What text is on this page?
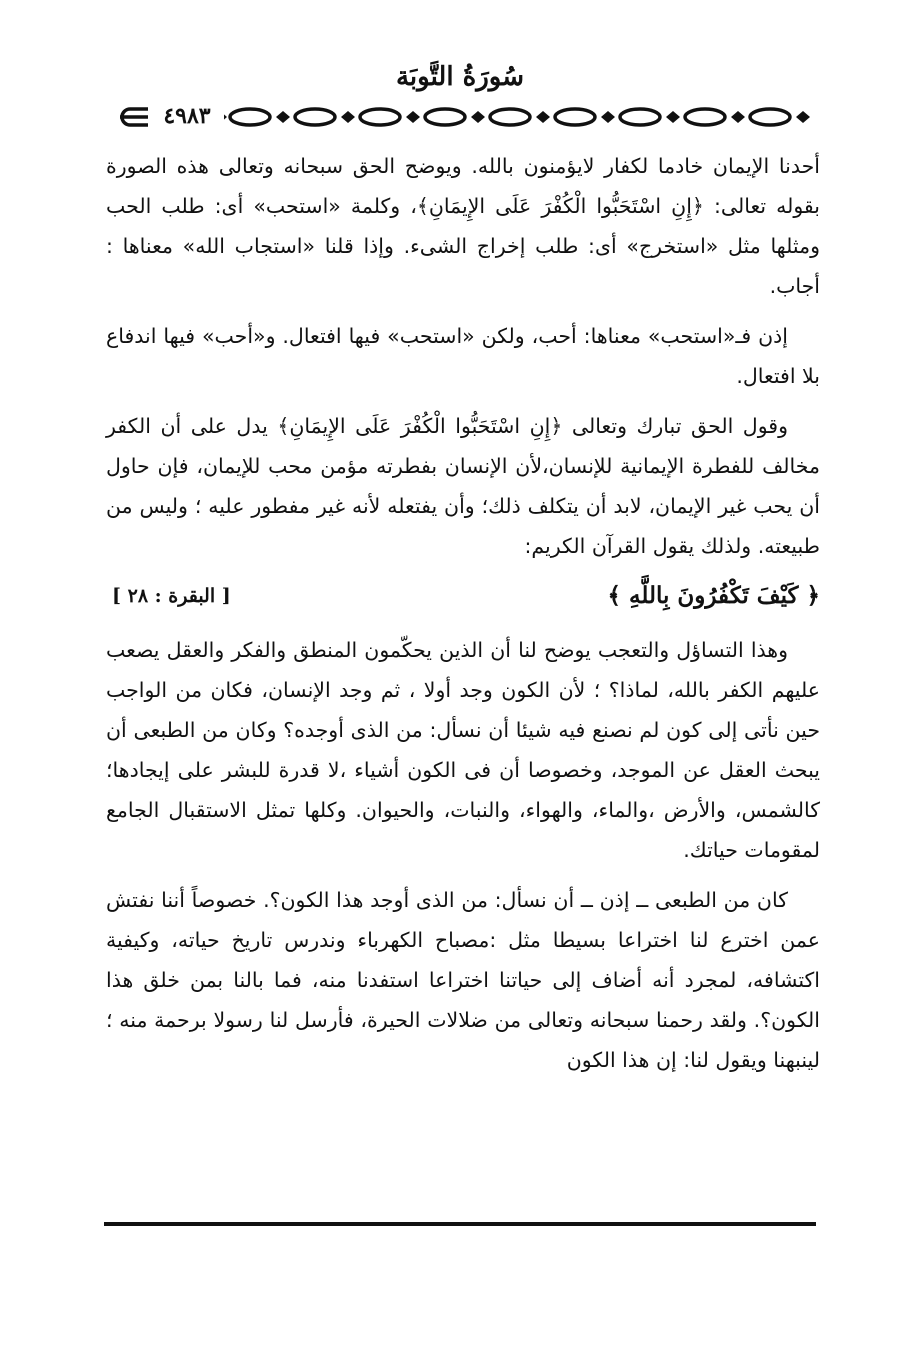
سُورَةُ التَّوبَة
٤٩٨٣

أحدنا الإيمان خادما لكفار لايؤمنون بالله. ويوضح الحق سبحانه وتعالى هذه الصورة بقوله تعالى: ﴿إِنِ اسْتَحَبُّوا الْكُفْرَ عَلَى الإِيمَانِ﴾، وكلمة «استحب» أى: طلب الحب ومثلها مثل «استخرج» أى: طلب إخراج الشىء. وإذا قلنا «استجاب الله» معناها : أجاب.

إذن فـ«استحب» معناها: أحب، ولكن «استحب» فيها افتعال. و«أحب» فيها اندفاع بلا افتعال.

وقول الحق تبارك وتعالى ﴿إِنِ اسْتَحَبُّوا الْكُفْرَ عَلَى الإِيمَانِ﴾ يدل على أن الكفر مخالف للفطرة الإيمانية للإنسان،لأن الإنسان بفطرته مؤمن محب للإيمان، فإن حاول أن يحب غير الإيمان، لابد أن يتكلف ذلك؛ وأن يفتعله لأنه غير مفطور عليه ؛ وليس من طبيعته. ولذلك يقول القرآن الكريم:

﴿ كَيْفَ تَكْفُرُونَ بِاللَّهِ ﴾
[ البقرة : ٢٨ ]

وهذا التساؤل والتعجب يوضح لنا أن الذين يحكّمون المنطق والفكر والعقل يصعب عليهم الكفر بالله، لماذا؟ ؛ لأن الكون وجد أولا ، ثم وجد الإنسان، فكان من الواجب حين نأتى إلى كون لم نصنع فيه شيئا أن نسأل: من الذى أوجده؟ وكان من الطبعى أن يبحث العقل عن الموجد، وخصوصا أن فى الكون أشياء ،لا قدرة للبشر على إيجادها؛ كالشمس، والأرض ،والماء، والهواء، والنبات، والحيوان. وكلها تمثل الاستقبال الجامع لمقومات حياتك.

كان من الطبعى ــ إذن ــ أن نسأل: من الذى أوجد هذا الكون؟. خصوصاً أننا نفتش عمن اخترع لنا اختراعا بسيطا مثل :مصباح الكهرباء وندرس تاريخ حياته، وكيفية اكتشافه، لمجرد أنه أضاف إلى حياتنا اختراعا استفدنا منه، فما بالنا بمن خلق هذا الكون؟. ولقد رحمنا سبحانه وتعالى من ضلالات الحيرة، فأرسل لنا رسولا برحمة منه ؛لينبهنا ويقول لنا: إن هذا الكون
